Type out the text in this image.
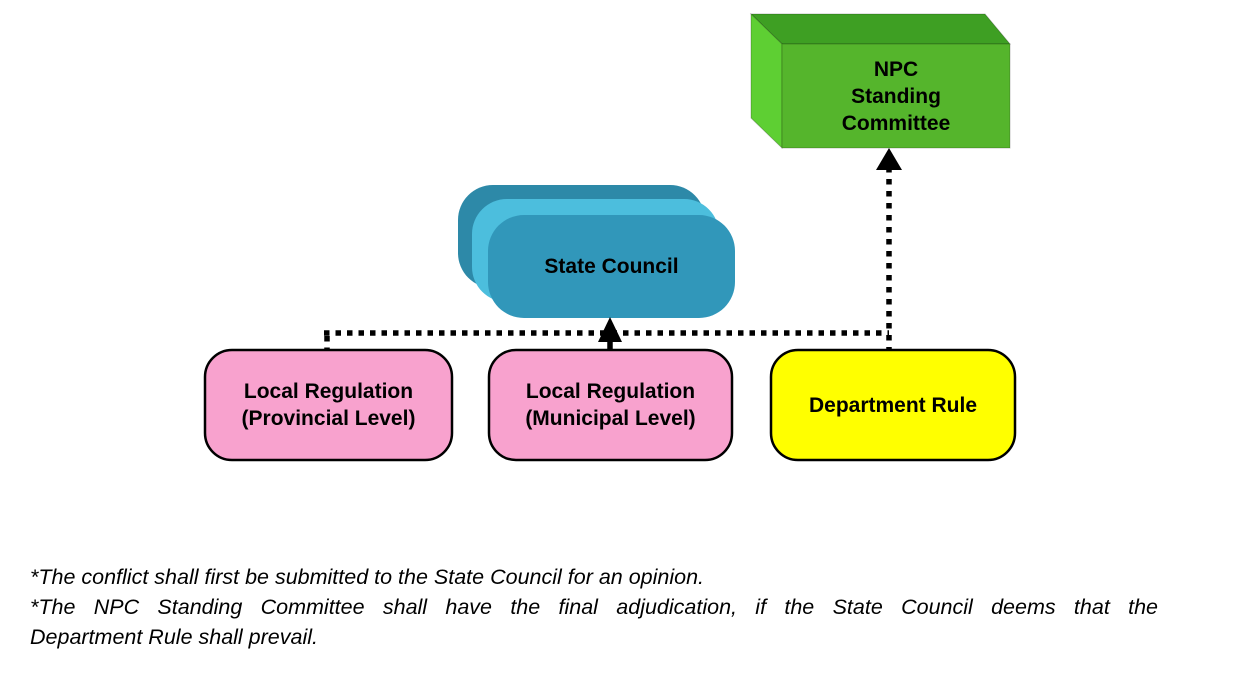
NPC
Standing
Committee
State Council
Local Regulation
(Provincial Level)
Local Regulation
(Municipal Level)
Department Rule

*The conflict shall first be submitted to the State Council for an opinion.

*The NPC Standing Committee shall have the final adjudication, if the State Council deems that the
Department Rule shall prevail.
